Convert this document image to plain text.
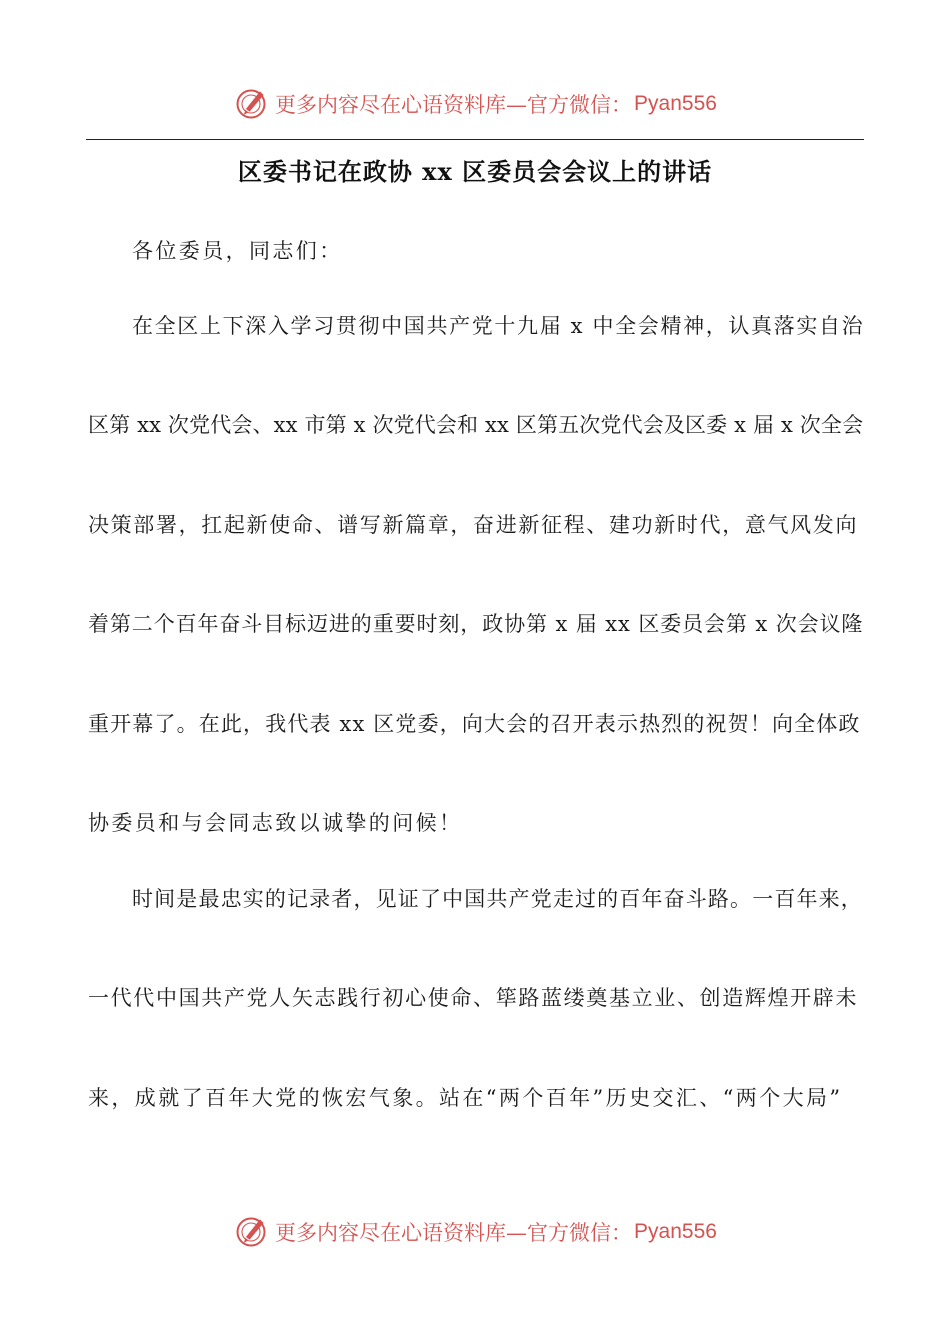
更多内容尽在心语资料库—官方微信： Pyan556
区委书记在政协 xx 区委员会会议上的讲话
各位委员，同志们：
在全区上下深入学习贯彻中国共产党十九届 x 中全会精神，认真落实自治
区第 xx 次党代会、xx 市第 x 次党代会和 xx 区第五次党代会及区委 x 届 x 次全会
决策部署，扛起新使命、谱写新篇章，奋进新征程、建功新时代，意气风发向
着第二个百年奋斗目标迈进的重要时刻，政协第 x 届 xx 区委员会第 x 次会议隆
重开幕了。在此，我代表 xx 区党委，向大会的召开表示热烈的祝贺！向全体政
协委员和与会同志致以诚挚的问候！
时间是最忠实的记录者，见证了中国共产党走过的百年奋斗路。一百年来，
一代代中国共产党人矢志践行初心使命、筚路蓝缕奠基立业、创造辉煌开辟未
来，成就了百年大党的恢宏气象。站在“两个百年”历史交汇、“两个大局”
更多内容尽在心语资料库—官方微信： Pyan556
